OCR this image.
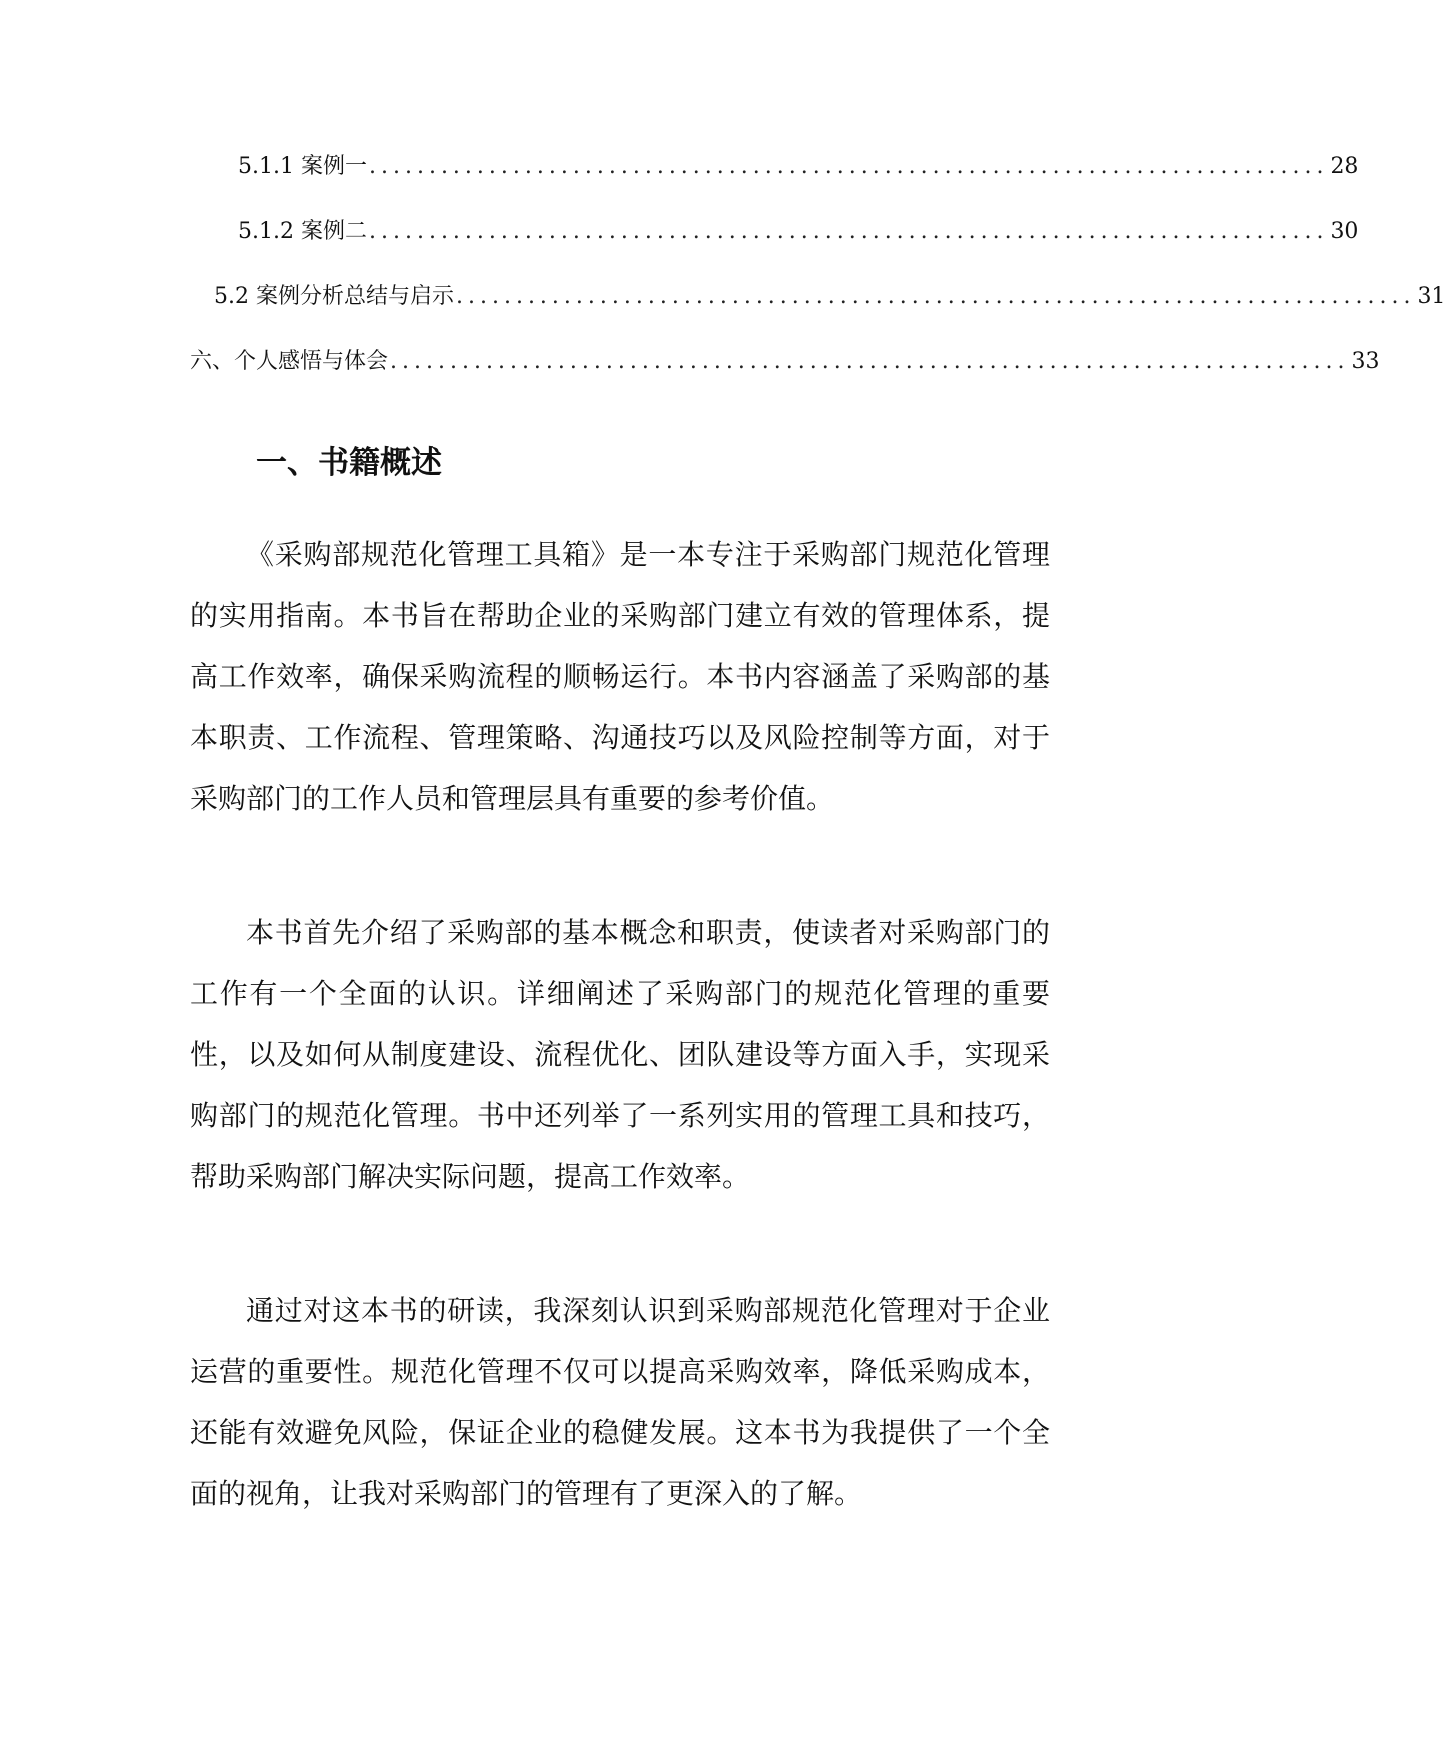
5.1.1 案例一 ................................................................................ 28
5.1.2 案例二 ................................................................................ 30
5.2 案例分析总结与启示 ................................................................................ 31
六、个人感悟与体会 ................................................................................ 33
一、书籍概述

《采购部规范化管理工具箱》是一本专注于采购部门规范化管理的实用指南。本书旨在帮助企业的采购部门建立有效的管理体系，提高工作效率，确保采购流程的顺畅运行。本书内容涵盖了采购部的基本职责、工作流程、管理策略、沟通技巧以及风险控制等方面，对于采购部门的工作人员和管理层具有重要的参考价值。

本书首先介绍了采购部的基本概念和职责，使读者对采购部门的工作有一个全面的认识。详细阐述了采购部门的规范化管理的重要性，以及如何从制度建设、流程优化、团队建设等方面入手，实现采购部门的规范化管理。书中还列举了一系列实用的管理工具和技巧，帮助采购部门解决实际问题，提高工作效率。

通过对这本书的研读，我深刻认识到采购部规范化管理对于企业运营的重要性。规范化管理不仅可以提高采购效率，降低采购成本，还能有效避免风险，保证企业的稳健发展。这本书为我提供了一个全面的视角，让我对采购部门的管理有了更深入的了解。
